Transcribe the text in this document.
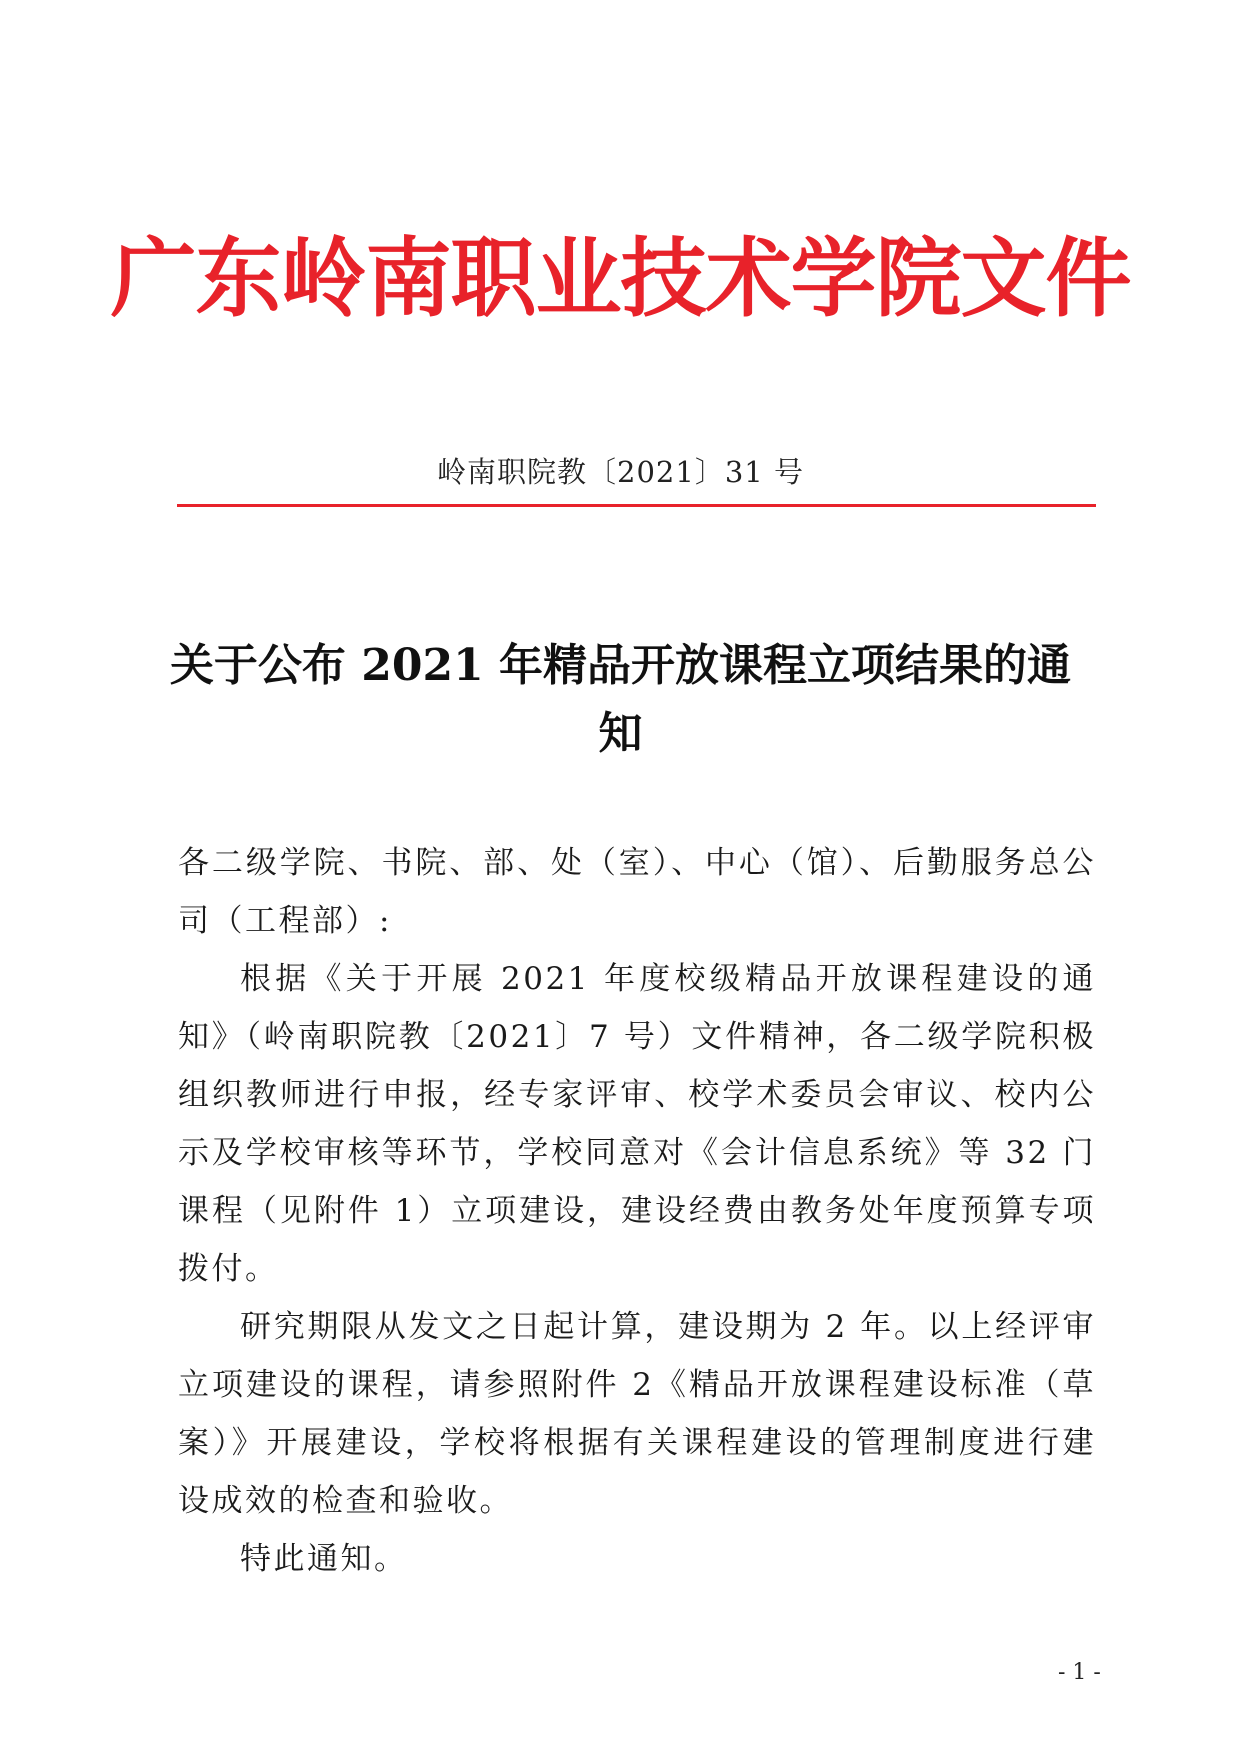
广东岭南职业技术学院文件
岭南职院教〔2021〕31 号
关于公布 2021 年精品开放课程立项结果的通知

各二级学院、书院、部、处（室）、中心（馆）、后勤服务总公司（工程部）:

根据《关于开展 2021 年度校级精品开放课程建设的通知》（岭南职院教〔2021〕7 号）文件精神，各二级学院积极组织教师进行申报，经专家评审、校学术委员会审议、校内公示及学校审核等环节，学校同意对《会计信息系统》等 32 门课程（见附件 1）立项建设，建设经费由教务处年度预算专项拨付。

研究期限从发文之日起计算，建设期为 2 年。以上经评审立项建设的课程，请参照附件 2《精品开放课程建设标准（草案）》开展建设，学校将根据有关课程建设的管理制度进行建设成效的检查和验收。

特此通知。

- 1 -
